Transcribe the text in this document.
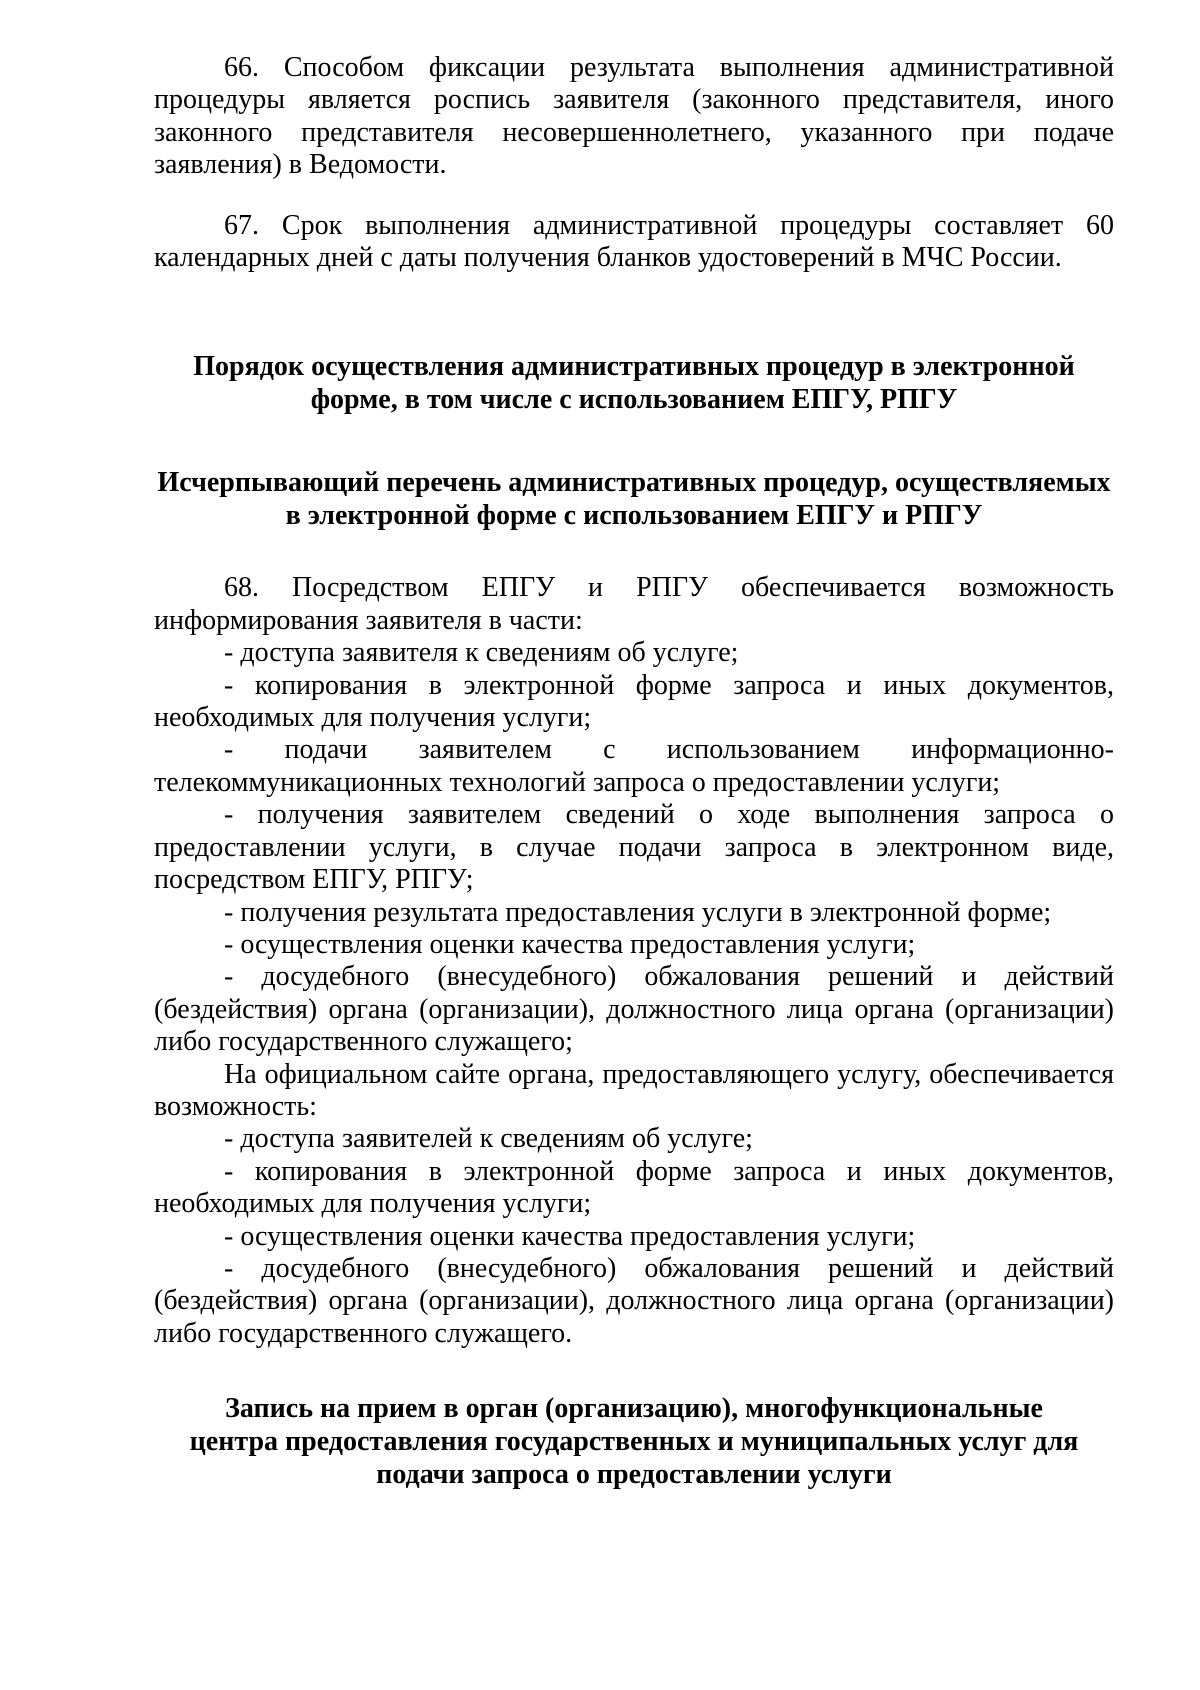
66. Способом фиксации результата выполнения административной процедуры является роспись заявителя (законного представителя, иного законного представителя несовершеннолетнего, указанного при подаче заявления) в Ведомости.

67. Срок выполнения административной процедуры составляет 60 календарных дней с даты получения бланков удостоверений в МЧС России.

Порядок осуществления административных процедур в электронной

форме, в том числе с использованием ЕПГУ, РПГУ

Исчерпывающий перечень административных процедур, осуществляемых

в электронной форме с использованием ЕПГУ и РПГУ

68. Посредством ЕПГУ и РПГУ обеспечивается возможность информирования заявителя в части:

- доступа заявителя к сведениям об услуге;

- копирования в электронной форме запроса и иных документов, необходимых для получения услуги;

- подачи заявителем с использованием информационно-телекоммуникационных технологий запроса о предоставлении услуги;

- получения заявителем сведений о ходе выполнения запроса о предоставлении услуги, в случае подачи запроса в электронном виде, посредством ЕПГУ, РПГУ;

- получения результата предоставления услуги в электронной форме;

- осуществления оценки качества предоставления услуги;

- досудебного (внесудебного) обжалования решений и действий (бездействия) органа (организации), должностного лица органа (организации) либо государственного служащего;

На официальном сайте органа, предоставляющего услугу, обеспечивается возможность:

- доступа заявителей к сведениям об услуге;

- копирования в электронной форме запроса и иных документов, необходимых для получения услуги;

- осуществления оценки качества предоставления услуги;

- досудебного (внесудебного) обжалования решений и действий (бездействия) органа (организации), должностного лица органа (организации) либо государственного служащего.

Запись на прием в орган (организацию), многофункциональные

центра предоставления государственных и муниципальных услуг для

подачи запроса о предоставлении услуги
